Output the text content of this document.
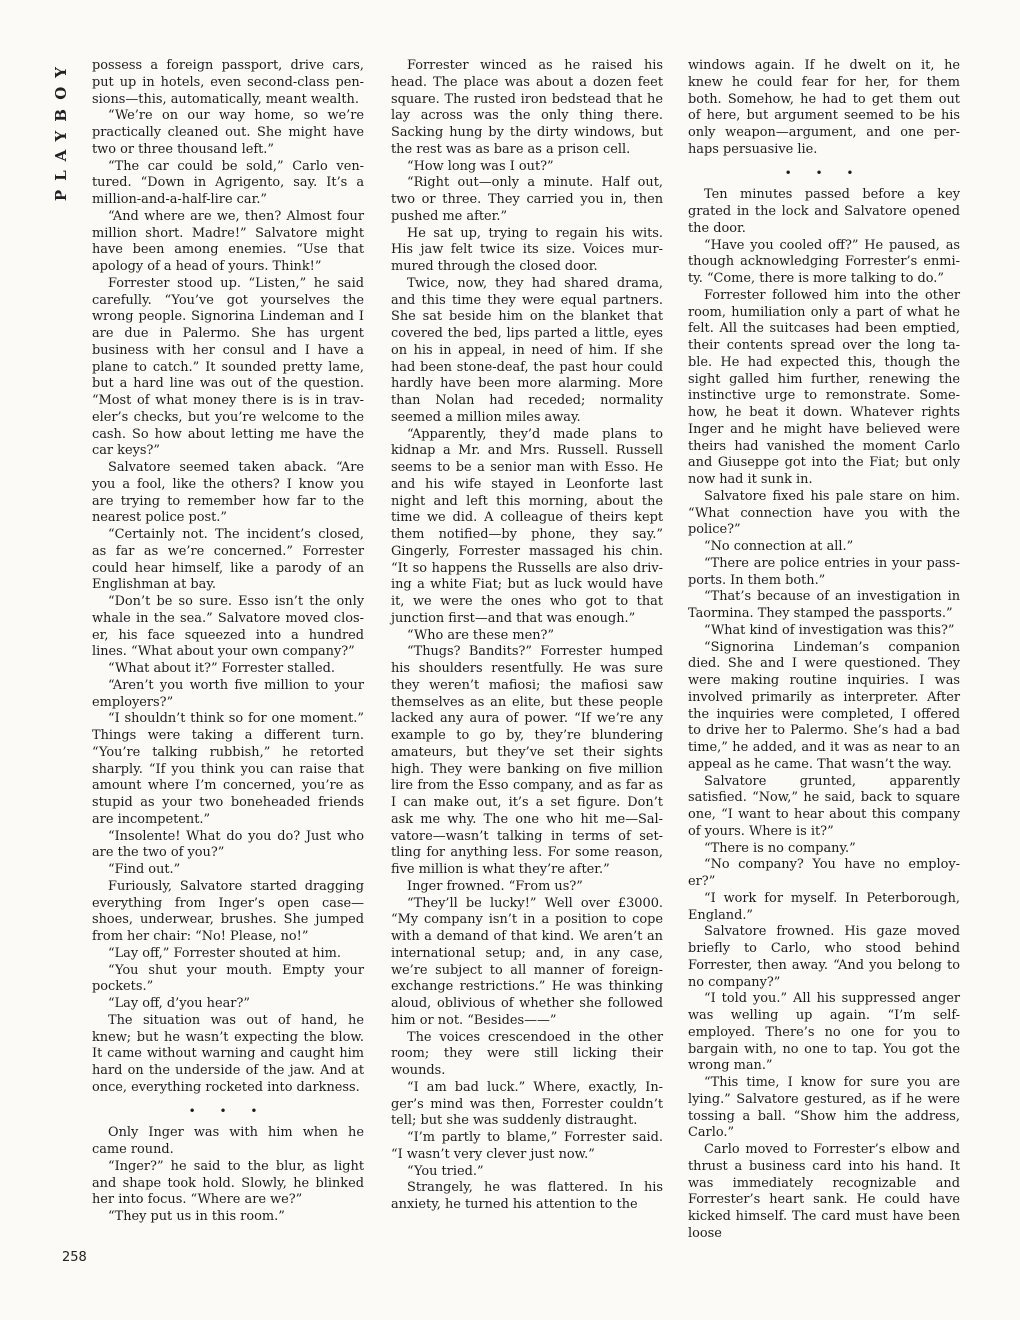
PLAYBOY possess a foreign passport, drive cars, put up in hotels, even second-class pensions—this, automatically, meant wealth.

“We’re on our way home, so we’re practically cleaned out. She might have two or three thousand left.”

“The car could be sold,” Carlo ventured. “Down in Agrigento, say. It’s a million-and-a-half-lire car.”

“And where are we, then? Almost four million short. Madre!” Salvatore might have been among enemies. “Use that apology of a head of yours. Think!”

Forrester stood up. “Listen,” he said carefully. “You’ve got yourselves the wrong people. Signorina Lindeman and I are due in Palermo. She has urgent business with her consul and I have a plane to catch.” It sounded pretty lame, but a hard line was out of the question. “Most of what money there is is in traveler’s checks, but you’re welcome to the cash. So how about letting me have the car keys?”

Salvatore seemed taken aback. “Are you a fool, like the others? I know you are trying to remember how far to the nearest police post.”

“Certainly not. The incident’s closed, as far as we’re concerned.” Forrester could hear himself, like a parody of an Englishman at bay.

“Don’t be so sure. Esso isn’t the only whale in the sea.” Salvatore moved closer, his face squeezed into a hundred lines. “What about your own company?”

“What about it?” Forrester stalled.

“Aren’t you worth five million to your employers?”

“I shouldn’t think so for one moment.” Things were taking a different turn. “You’re talking rubbish,” he retorted sharply. “If you think you can raise that amount where I’m concerned, you’re as stupid as your two boneheaded friends are incompetent.”

“Insolente! What do you do? Just who are the two of you?”

“Find out.”

Furiously, Salvatore started dragging everything from Inger’s open case—shoes, underwear, brushes. She jumped from her chair: “No! Please, no!”

“Lay off,” Forrester shouted at him.

“You shut your mouth. Empty your pockets.”

“Lay off, d’you hear?”

The situation was out of hand, he knew; but he wasn’t expecting the blow. It came without warning and caught him hard on the underside of the jaw. And at once, everything rocketed into darkness.

• • •

Only Inger was with him when he came round.

“Inger?” he said to the blur, as light and shape took hold. Slowly, he blinked her into focus. “Where are we?”

“They put us in this room.”

Forrester winced as he raised his head. The place was about a dozen feet square. The rusted iron bedstead that he lay across was the only thing there. Sacking hung by the dirty windows, but the rest was as bare as a prison cell.

“How long was I out?”

“Right out—only a minute. Half out, two or three. They carried you in, then pushed me after.”

He sat up, trying to regain his wits. His jaw felt twice its size. Voices murmured through the closed door.

Twice, now, they had shared drama, and this time they were equal partners. She sat beside him on the blanket that covered the bed, lips parted a little, eyes on his in appeal, in need of him. If she had been stone-deaf, the past hour could hardly have been more alarming. More than Nolan had receded; normality seemed a million miles away.

“Apparently, they’d made plans to kidnap a Mr. and Mrs. Russell. Russell seems to be a senior man with Esso. He and his wife stayed in Leonforte last night and left this morning, about the time we did. A colleague of theirs kept them notified—by phone, they say.” Gingerly, Forrester massaged his chin. “It so happens the Russells are also driving a white Fiat; but as luck would have it, we were the ones who got to that junction first—and that was enough.”

“Who are these men?”

“Thugs? Bandits?” Forrester humped his shoulders resentfully. He was sure they weren’t mafiosi; the mafiosi saw themselves as an elite, but these people lacked any aura of power. “If we’re any example to go by, they’re blundering amateurs, but they’ve set their sights high. They were banking on five million lire from the Esso company, and as far as I can make out, it’s a set figure. Don’t ask me why. The one who hit me—Salvatore—wasn’t talking in terms of settling for anything less. For some reason, five million is what they’re after.”

Inger frowned. “From us?”

“They’ll be lucky!” Well over £3000. “My company isn’t in a position to cope with a demand of that kind. We aren’t an international setup; and, in any case, we’re subject to all manner of foreign-exchange restrictions.” He was thinking aloud, oblivious of whether she followed him or not. “Besides——”

The voices crescendoed in the other room; they were still licking their wounds.

“I am bad luck.” Where, exactly, Inger’s mind was then, Forrester couldn’t tell; but she was suddenly distraught.

“I’m partly to blame,” Forrester said. “I wasn’t very clever just now.”

“You tried.”

Strangely, he was flattered. In his anxiety, he turned his attention to the

windows again. If he dwelt on it, he knew he could fear for her, for them both. Somehow, he had to get them out of here, but argument seemed to be his only weapon—argument, and one perhaps persuasive lie.

• • •

Ten minutes passed before a key grated in the lock and Salvatore opened the door.

“Have you cooled off?” He paused, as though acknowledging Forrester’s enmity. “Come, there is more talking to do.”

Forrester followed him into the other room, humiliation only a part of what he felt. All the suitcases had been emptied, their contents spread over the long table. He had expected this, though the sight galled him further, renewing the instinctive urge to remonstrate. Somehow, he beat it down. Whatever rights Inger and he might have believed were theirs had vanished the moment Carlo and Giuseppe got into the Fiat; but only now had it sunk in.

Salvatore fixed his pale stare on him. “What connection have you with the police?”

“No connection at all.”

“There are police entries in your passports. In them both.”

“That’s because of an investigation in Taormina. They stamped the passports.”

“What kind of investigation was this?”

“Signorina Lindeman’s companion died. She and I were questioned. They were making routine inquiries. I was involved primarily as interpreter. After the inquiries were completed, I offered to drive her to Palermo. She’s had a bad time,” he added, and it was as near to an appeal as he came. That wasn’t the way.

Salvatore grunted, apparently satisfied. “Now,” he said, back to square one, “I want to hear about this company of yours. Where is it?”

“There is no company.”

“No company? You have no employer?”

“I work for myself. In Peterborough, England.”

Salvatore frowned. His gaze moved briefly to Carlo, who stood behind Forrester, then away. “And you belong to no company?”

“I told you.” All his suppressed anger was welling up again. “I’m self-employed. There’s no one for you to bargain with, no one to tap. You got the wrong man.”

“This time, I know for sure you are lying.” Salvatore gestured, as if he were tossing a ball. “Show him the address, Carlo.”

Carlo moved to Forrester’s elbow and thrust a business card into his hand. It was immediately recognizable and Forrester’s heart sank. He could have kicked himself. The card must have been loose

258
